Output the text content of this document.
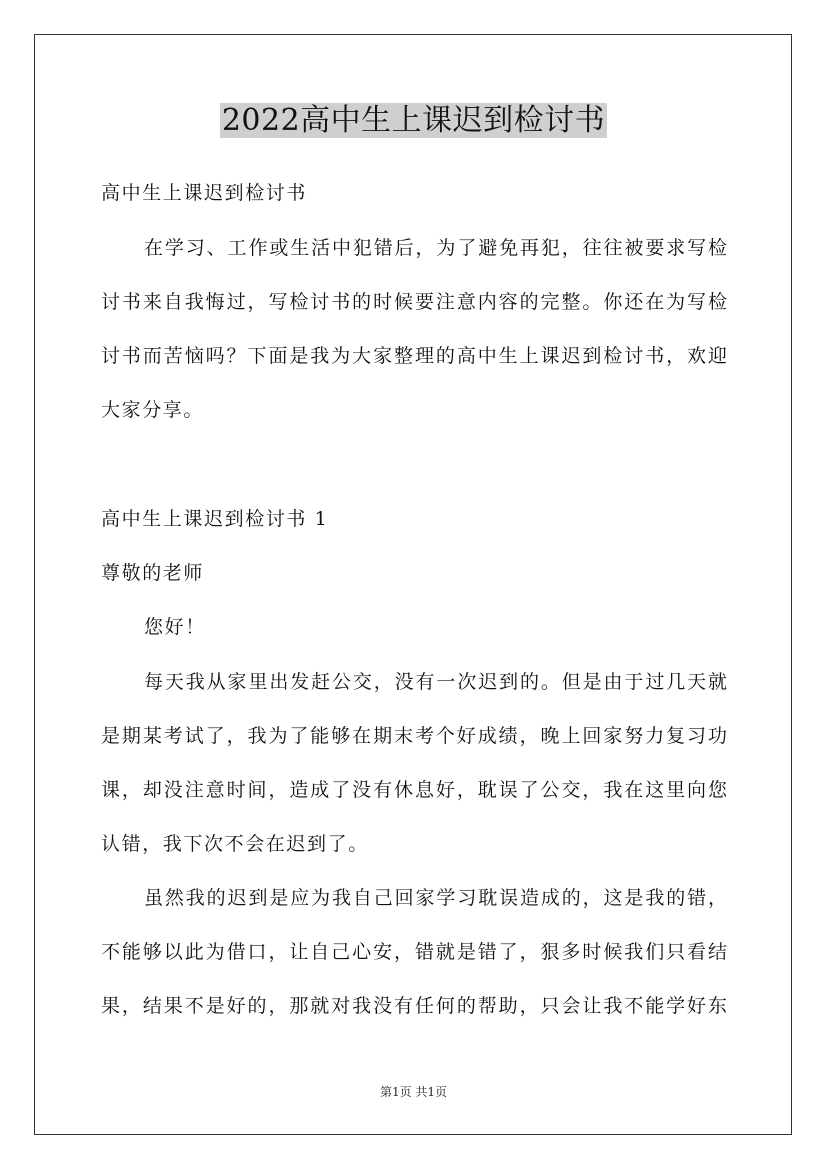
2022高中生上课迟到检讨书
高中生上课迟到检讨书
在学习、工作或生活中犯错后，为了避免再犯，往往被要求写检
讨书来自我悔过，写检讨书的时候要注意内容的完整。你还在为写检
讨书而苦恼吗？下面是我为大家整理的高中生上课迟到检讨书，欢迎
大家分享。
高中生上课迟到检讨书 1
尊敬的老师
您好！
每天我从家里出发赶公交，没有一次迟到的。但是由于过几天就
是期某考试了，我为了能够在期末考个好成绩，晚上回家努力复习功
课，却没注意时间，造成了没有休息好，耽误了公交，我在这里向您
认错，我下次不会在迟到了。
虽然我的迟到是应为我自己回家学习耽误造成的，这是我的错，
不能够以此为借口，让自己心安，错就是错了，狠多时候我们只看结
果，结果不是好的，那就对我没有任何的帮助，只会让我不能学好东
第1页 共1页
